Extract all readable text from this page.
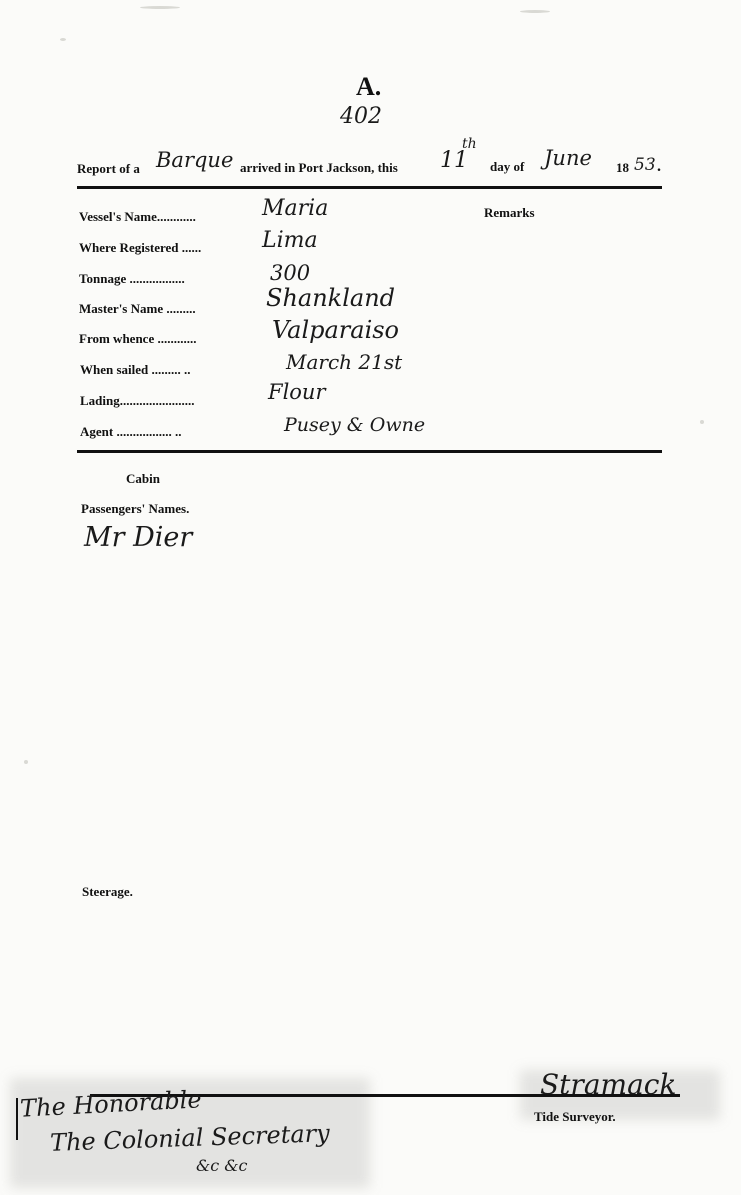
A.
402
Report of a Barque arrived in Port Jackson, this 11
th
day of June 18 53 .
Remarks
Vessel's Name............	Maria
Where Registered ......	Lima
Tonnage .................	300
Master's Name .........	Shankland
From whence ............	Valparaiso
When sailed ......... ..	March 21st
Lading.......................	Flour
Agent ................. ..	Pusey & Owne
Cabin
Passengers' Names.
Mr Dier
Steerage.
Stramack
Tide Surveyor.
The Honorable
The Colonial Secretary
&c &c
